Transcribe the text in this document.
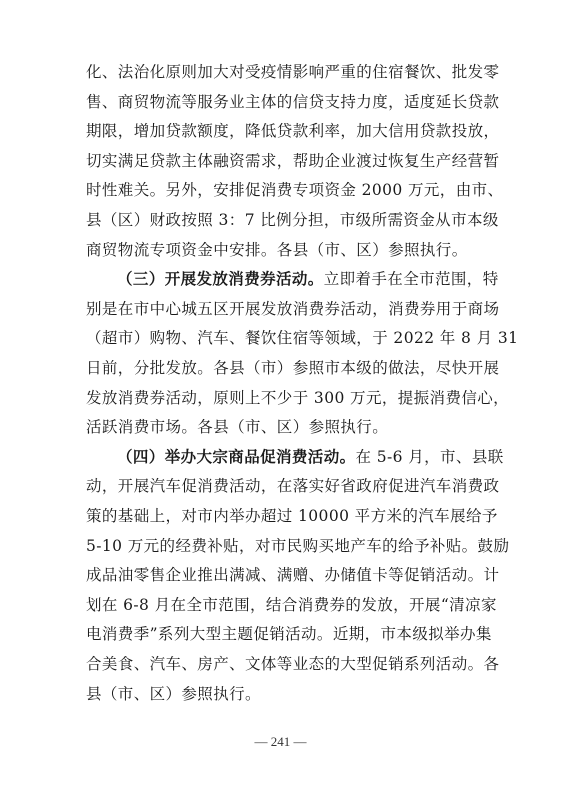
化、法治化原则加大对受疫情影响严重的住宿餐饮、批发零
售、商贸物流等服务业主体的信贷支持力度，适度延长贷款
期限，增加贷款额度，降低贷款利率，加大信用贷款投放，
切实满足贷款主体融资需求，帮助企业渡过恢复生产经营暂
时性难关。另外，安排促消费专项资金 2000 万元，由市、
县（区）财政按照 3：7 比例分担，市级所需资金从市本级
商贸物流专项资金中安排。各县（市、区）参照执行。
（三）开展发放消费券活动。立即着手在全市范围，特
别是在市中心城五区开展发放消费券活动，消费券用于商场
（超市）购物、汽车、餐饮住宿等领域，于 2022 年 8 月 31
日前，分批发放。各县（市）参照市本级的做法，尽快开展
发放消费券活动，原则上不少于 300 万元，提振消费信心，
活跃消费市场。各县（市、区）参照执行。
（四）举办大宗商品促消费活动。在 5-6 月，市、县联
动，开展汽车促消费活动，在落实好省政府促进汽车消费政
策的基础上，对市内举办超过 10000 平方米的汽车展给予
5-10 万元的经费补贴，对市民购买地产车的给予补贴。鼓励
成品油零售企业推出满减、满赠、办储值卡等促销活动。计
划在 6-8 月在全市范围，结合消费券的发放，开展“清凉家
电消费季”系列大型主题促销活动。近期，市本级拟举办集
合美食、汽车、房产、文体等业态的大型促销系列活动。各
— 241 —
县（市、区）参照执行。
